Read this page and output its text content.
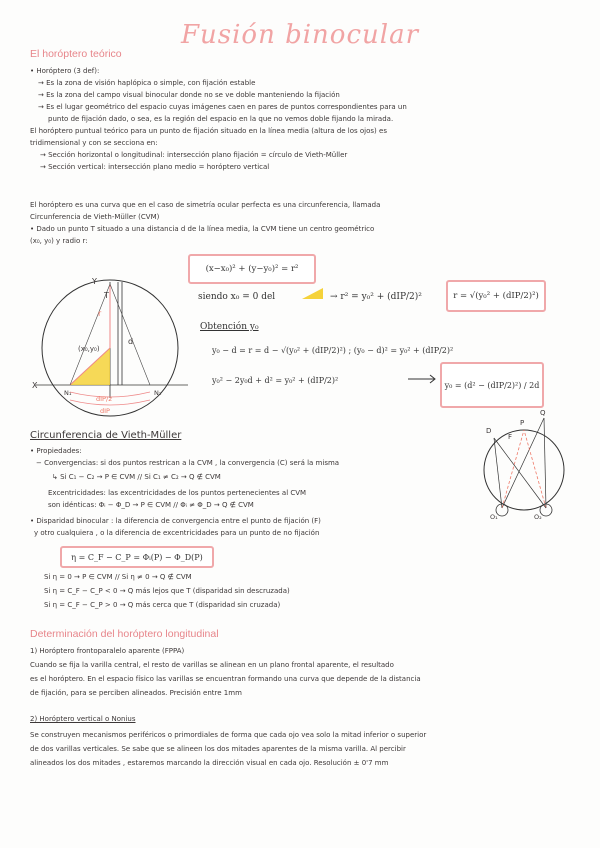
Fusión binocular
El horóptero teórico
• Horóptero (3 def):
→ Es la zona de visión haplópica o simple, con fijación estable
→ Es la zona del campo visual binocular donde no se ve doble manteniendo la fijación
→ Es el lugar geométrico del espacio cuyas imágenes caen en pares de puntos correspondientes para un
punto de fijación dado, o sea, es la región del espacio en la que no vemos doble fijando la mirada.
El horóptero puntual teórico para un punto de fijación situado en la línea media (altura de los ojos) es
tridimensional y con se secciona en:
→ Sección horizontal o longitudinal: intersección plano fijación = círculo de Vieth-Müller
→ Sección vertical: intersección plano medio = horóptero vertical
El horóptero es una curva que en el caso de simetría ocular perfecta es una circunferencia, llamada
Circunferencia de Vieth-Müller (CVM)
• Dado un punto T situado a una distancia d de la línea media, la CVM tiene un centro geométrico
(x₀, y₀) y radio r:
Y
T
r
d
(x₀,y₀)
X
N₁	N₂
dIP/2
dIP
(x−x₀)² + (y−y₀)² = r²
siendo x₀ = 0 del	→ r² = y₀² + (dIP/2)²	r = √(y₀² + (dIP/2)²)
Obtención y₀
y₀ − d = r = d − √(y₀² + (dIP/2)²) ; (y₀ − d)² = y₀² + (dIP/2)²
y₀² − 2y₀d + d² = y₀² + (dIP/2)²	y₀ = (d² − (dIP/2)²) / 2d
Circunferencia de Vieth-Müller
• Propiedades:
− Convergencias: si dos puntos restrican a la CVM , la convergencia (C) será la misma
↳ Si C₁ − C₂ → P ∈ CVM // Si C₁ ≠ C₂ → Q ∉ CVM
Excentricidades: las excentricidades de los puntos pertenecientes al CVM
son idénticas: Φᵢ − Φ_D → P ∈ CVM // Φᵢ ≠ Φ_D → Q ∉ CVM
• Disparidad binocular : la diferencia de convergencia entre el punto de fijación (F)
y otro cualquiera , o la diferencia de excentricidades para un punto de no fijación
η = C_F − C_P = Φᵢ(P) − Φ_D(P)
Si η = 0 → P ∈ CVM // Si η ≠ 0 → Q ∉ CVM
Si η = C_F − C_P < 0 → Q más lejos que T (disparidad sin descruzada)
Si η = C_F − C_P > 0 → Q más cerca que T (disparidad sin cruzada)
Q
P
D
F
O₁	O₂
Determinación del horóptero longitudinal
1) Horóptero frontoparalelo aparente (FPPA)
Cuando se fija la varilla central, el resto de varillas se alinean en un plano frontal aparente, el resultado
es el horóptero. En el espacio físico las varillas se encuentran formando una curva que depende de la distancia
de fijación, para se perciben alineados. Precisión entre 1mm
2) Horóptero vertical o Nonius
Se construyen mecanismos periféricos o primordiales de forma que cada ojo vea solo la mitad inferior o superior
de dos varillas verticales. Se sabe que se alineen los dos mitades aparentes de la misma varilla. Al percibir
alineados los dos mitades , estaremos marcando la dirección visual en cada ojo. Resolución ± 0'7 mm
